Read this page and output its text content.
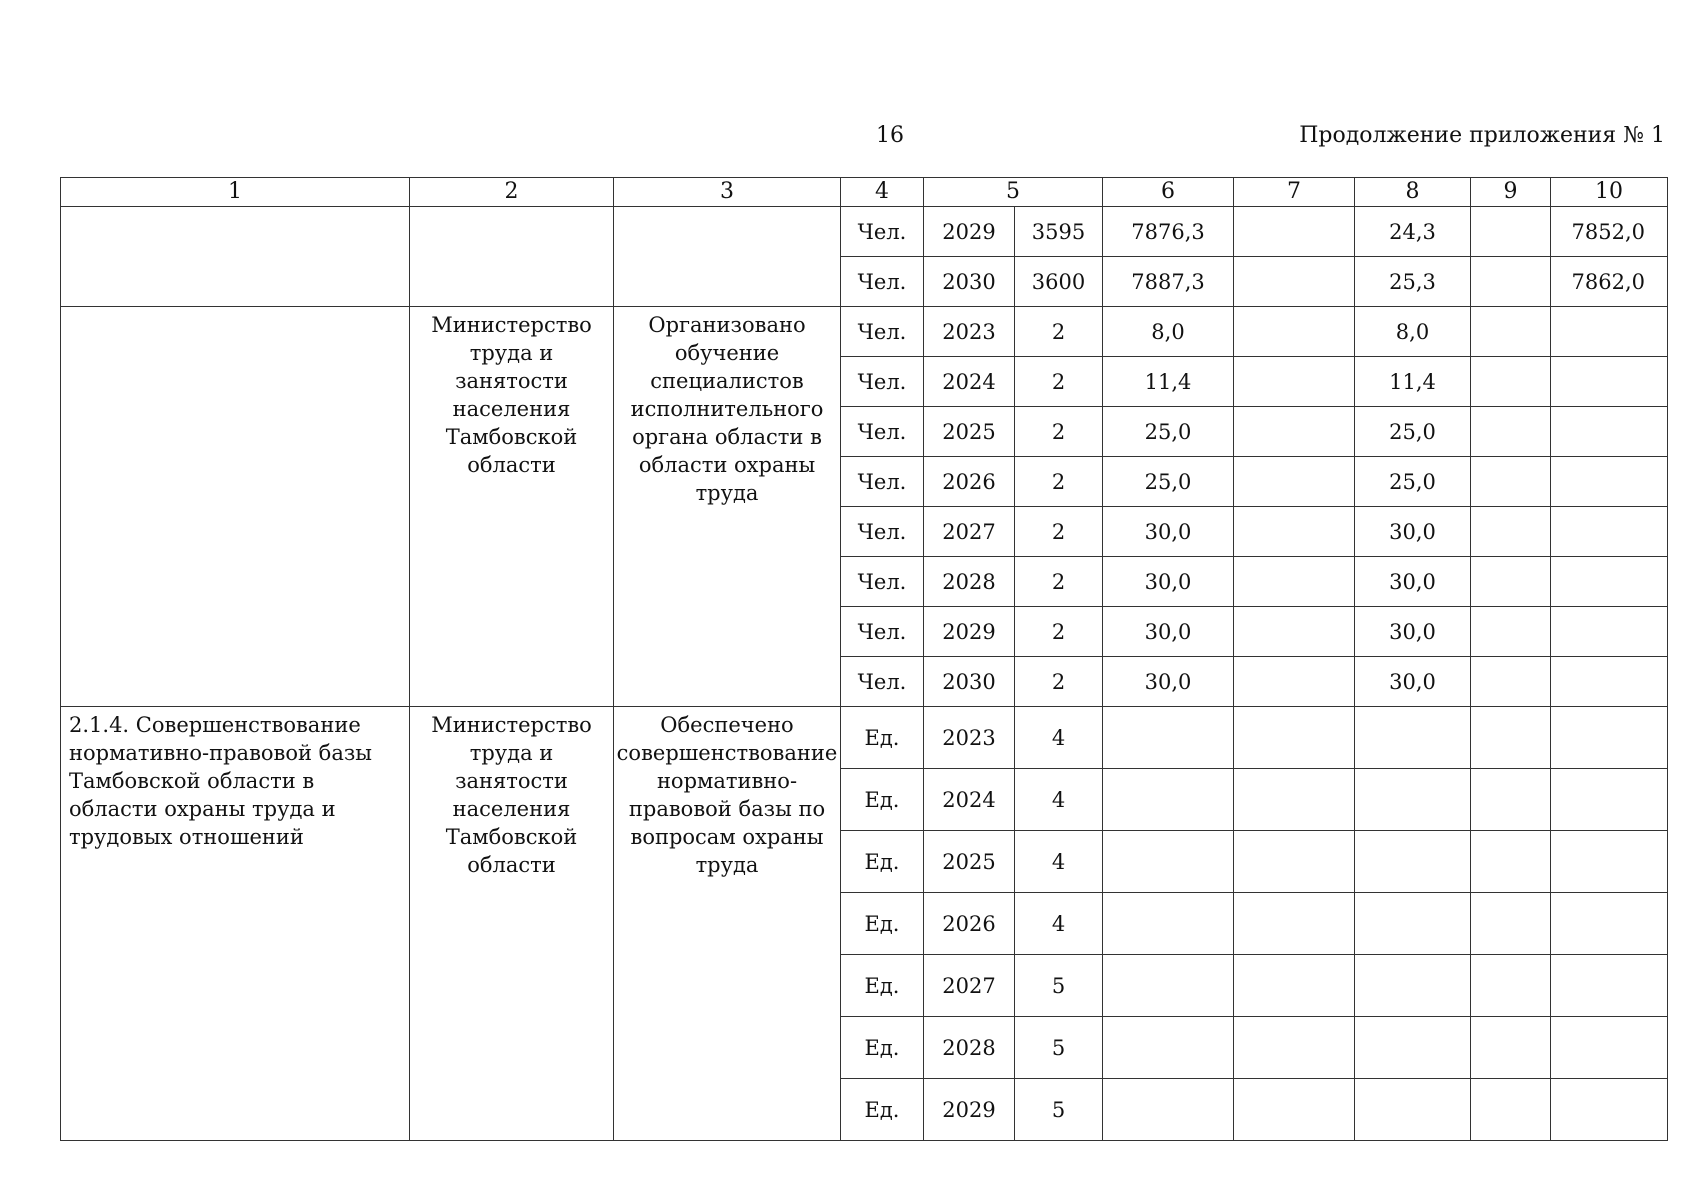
16	Продолжение приложения № 1
1	2	3	4	5		6	7	8	9	10
			Чел.	2029	3595	7876,3		24,3		7852,0
			Чел.	2030	3600	7887,3		25,3		7862,0
	Министерство труда и занятости населения Тамбовской области	Организовано обучение специалистов исполнительного органа области в области охраны труда	Чел.	2023	2	8,0		8,0		
			Чел.	2024	2	11,4		11,4		
			Чел.	2025	2	25,0		25,0		
			Чел.	2026	2	25,0		25,0		
			Чел.	2027	2	30,0		30,0		
			Чел.	2028	2	30,0		30,0		
			Чел.	2029	2	30,0		30,0		
			Чел.	2030	2	30,0		30,0		
2.1.4. Совершенствование нормативно-правовой базы Тамбовской области в области охраны труда и трудовых отношений	Министерство труда и занятости населения Тамбовской области	Обеспечено совершенствование нормативно-правовой базы по вопросам охраны труда	Ед.	2023	4					
			Ед.	2024	4					
			Ед.	2025	4					
			Ед.	2026	4					
			Ед.	2027	5					
			Ед.	2028	5					
			Ед.	2029	5					
